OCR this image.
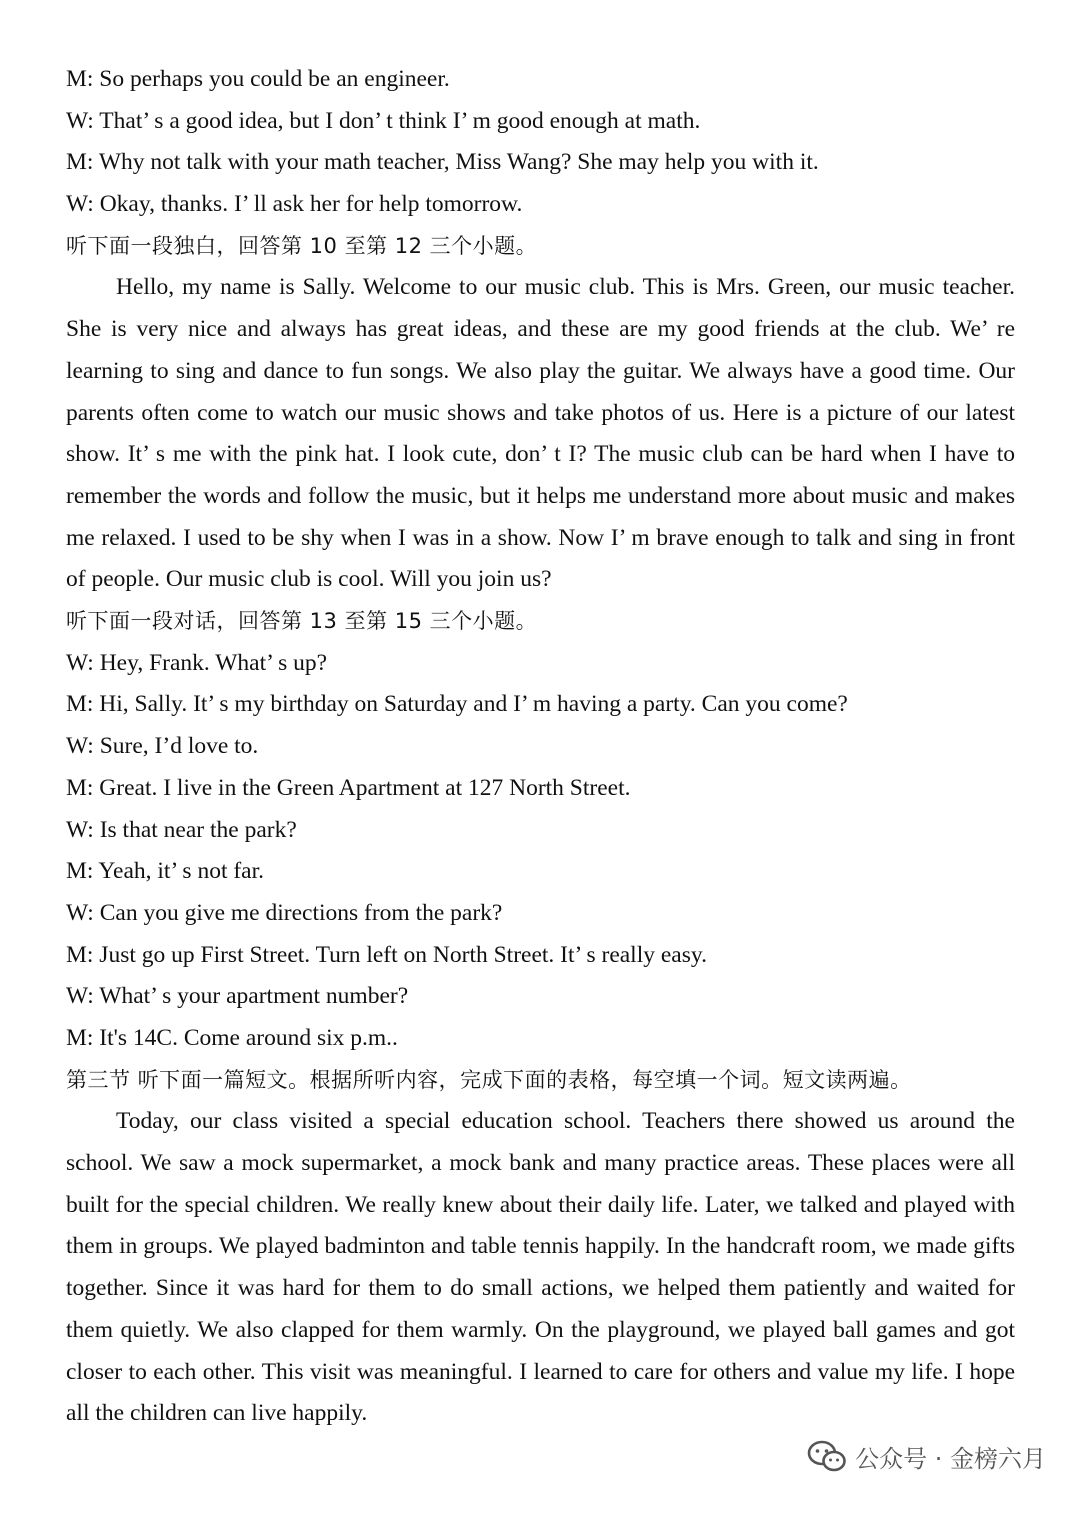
M: So perhaps you could be an engineer.
W: That’ s a good idea, but I don’ t think I’ m good enough at math.
M: Why not talk with your math teacher, Miss Wang? She may help you with it.
W: Okay, thanks. I’ ll ask her for help tomorrow.
听下面一段独白，回答第 10 至第 12 三个小题。

Hello, my name is Sally. Welcome to our music club. This is Mrs. Green, our music teacher. She is very nice and always has great ideas, and these are my good friends at the club. We’ re learning to sing and dance to fun songs. We also play the guitar. We always have a good time. Our parents often come to watch our music shows and take photos of us. Here is a picture of our latest show. It’ s me with the pink hat. I look cute, don’ t I? The music club can be hard when I have to remember the words and follow the music, but it helps me understand more about music and makes me relaxed. I used to be shy when I was in a show. Now I’ m brave enough to talk and sing in front of people. Our music club is cool. Will you join us?

听下面一段对话，回答第 13 至第 15 三个小题。
W: Hey, Frank. What’ s up?
M: Hi, Sally. It’ s my birthday on Saturday and I’ m having a party. Can you come?
W: Sure, I’d love to.
M: Great. I live in the Green Apartment at 127 North Street.
W: Is that near the park?
M: Yeah, it’ s not far.
W: Can you give me directions from the park?
M: Just go up First Street. Turn left on North Street. It’ s really easy.
W: What’ s your apartment number?
M: It's 14C. Come around six p.m..
第三节 听下面一篇短文。根据所听内容，完成下面的表格，每空填一个词。短文读两遍。

Today, our class visited a special education school. Teachers there showed us around the school. We saw a mock supermarket, a mock bank and many practice areas. These places were all built for the special children. We really knew about their daily life. Later, we talked and played with them in groups. We played badminton and table tennis happily. In the handcraft room, we made gifts together. Since it was hard for them to do small actions, we helped them patiently and waited for them quietly. We also clapped for them warmly. On the playground, we played ball games and got closer to each other. This visit was meaningful. I learned to care for others and value my life. I hope all the children can live happily.

公众号 · 金榜六月
